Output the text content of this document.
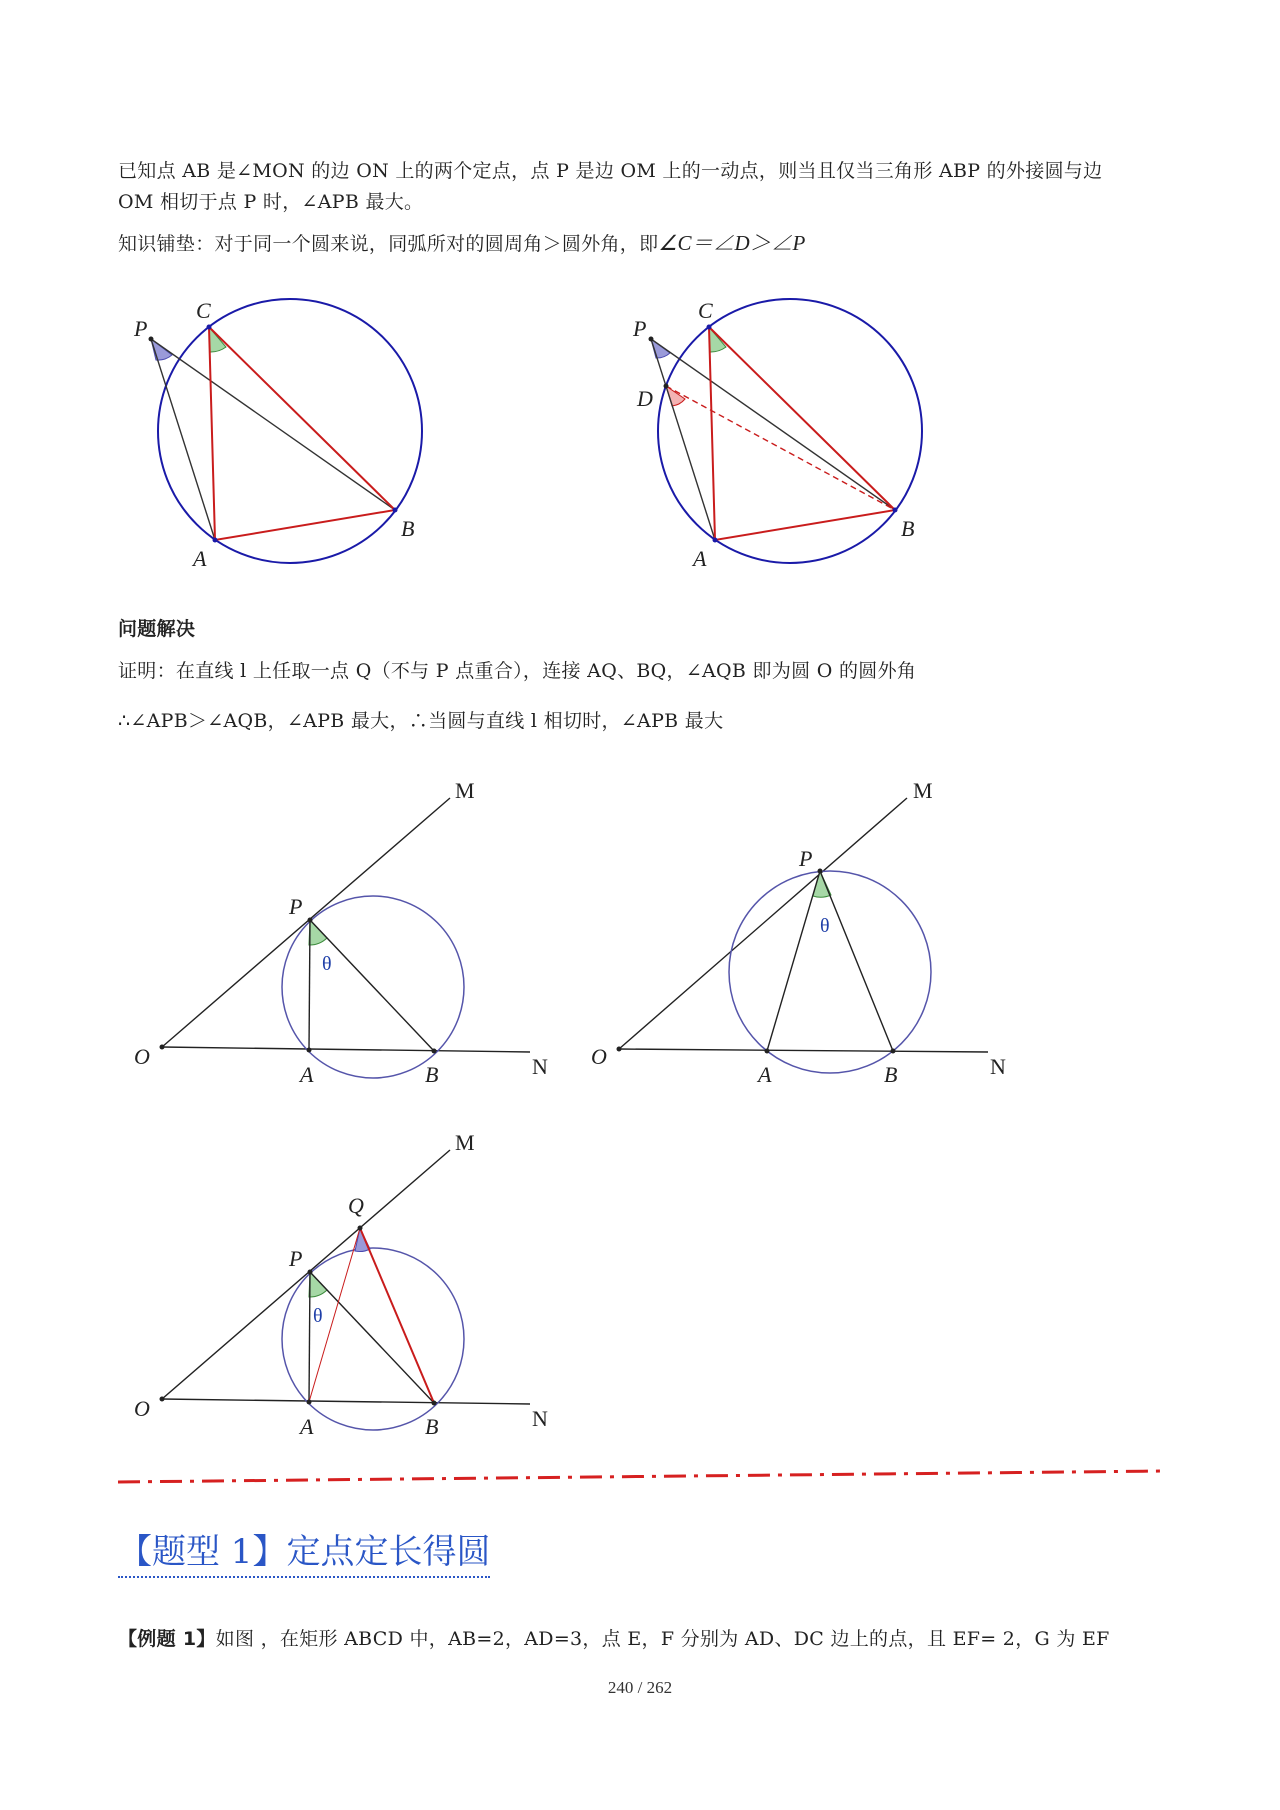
已知点 AB 是∠MON 的边 ON 上的两个定点，点 P 是边 OM 上的一动点，则当且仅当三角形 ABP 的外接圆与边
OM 相切于点 P 时，∠APB 最大。

知识铺垫：对于同一个圆来说，同弧所对的圆周角＞圆外角，即∠C＝∠D＞∠P

C
P
A
B
C
P
D
A
B

问题解决

证明：在直线 l 上任取一点 Q（不与 P 点重合），连接 AQ、BQ，∠AQB 即为圆 O 的圆外角

∴∠APB＞∠AQB，∠APB 最大，∴当圆与直线 l 相切时，∠APB 最大

M
P
θ
O
A	B	N
M
P
θ
O
A	B	N
M
Q
P
θ
O
A	B	N
【题型 1】定点定长得圆

【例题 1】如图 ，在矩形 ABCD 中，AB=2，AD=3，点 E，F 分别为 AD、DC 边上的点，且 EF= 2，G 为 EF

240 / 262
